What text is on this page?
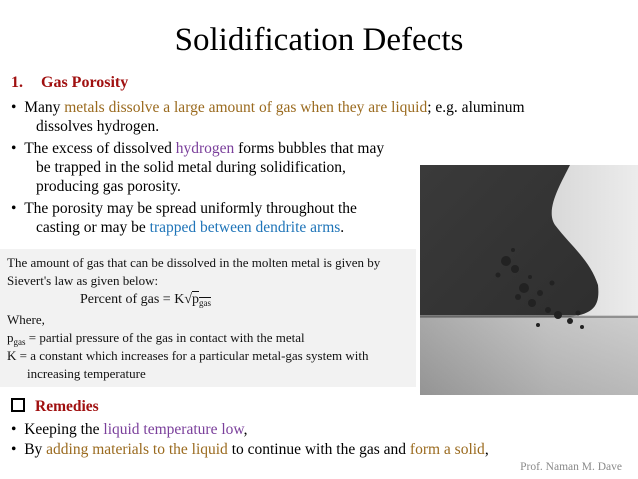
Solidification Defects
1. Gas Porosity
•  Many metals dissolve a large amount of gas when they are liquid; e.g. aluminum
dissolves hydrogen.
•  The excess of dissolved hydrogen forms bubbles that may
be trapped in the solid metal during solidification,
producing gas porosity.
•  The porosity may be spread uniformly throughout the
casting or may be trapped between dendrite arms.
The amount of gas that can be dissolved in the molten metal is given by
Sievert's law as given below:
Percent of gas = $K√p_{gas}$
Where,
$p_{gas}$ = partial pressure of the gas in contact with the metal
K = a constant which increases for a particular metal-gas system with
increasing temperature
Remedies
•  Keeping the liquid temperature low,
•  By adding materials to the liquid to continue with the gas and form a solid,
Prof. Naman M. Dave
